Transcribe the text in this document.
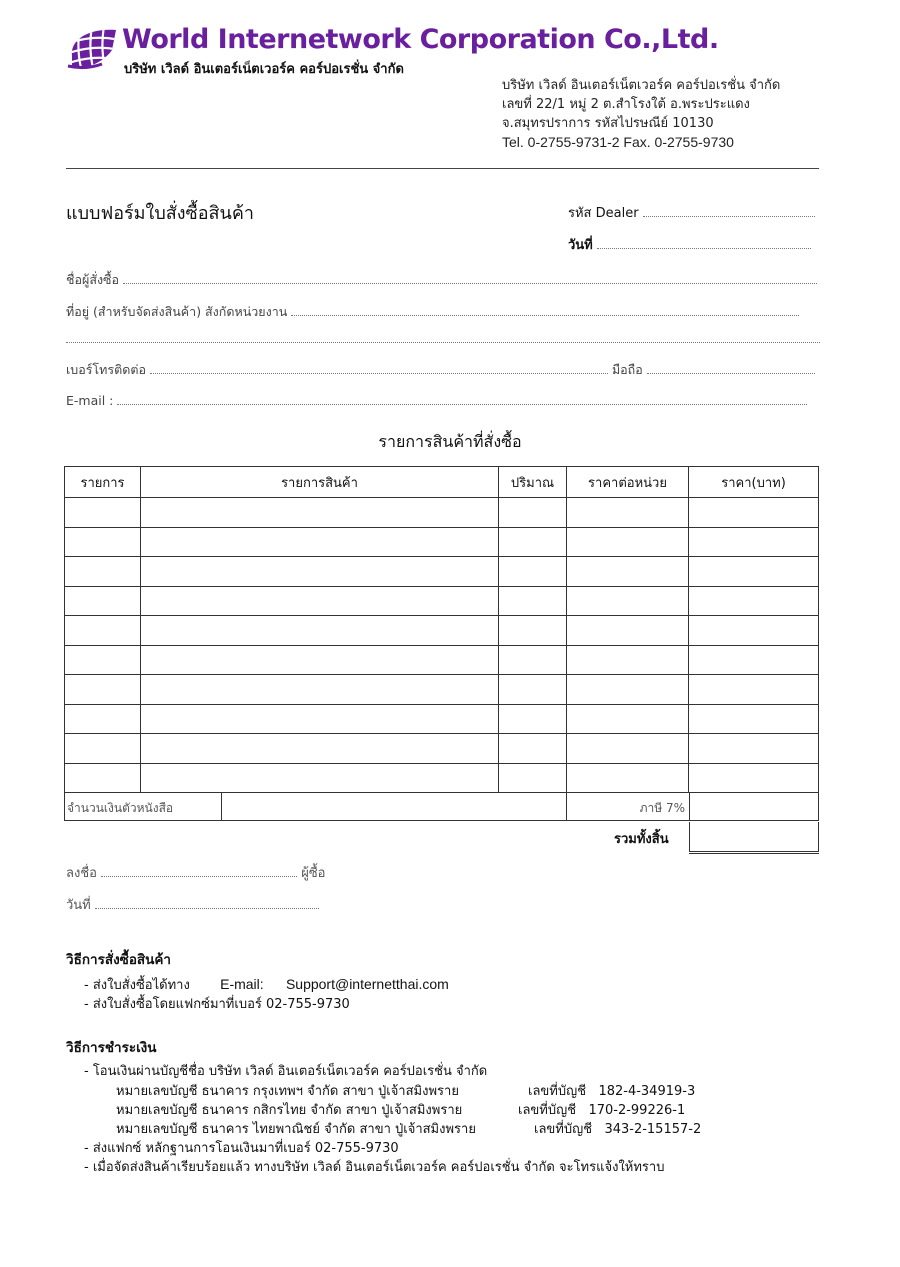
World Internetwork Corporation Co.,Ltd.
บริษัท เวิลด์ อินเตอร์เน็ตเวอร์ค คอร์ปอเรชั่น จำกัด
บริษัท เวิลด์ อินเตอร์เน็ตเวอร์ค คอร์ปอเรชั่น จำกัด
เลขที่ 22/1 หมู่ 2 ต.สำโรงใต้ อ.พระประแดง
จ.สมุทรปราการ รหัสไปรษณีย์ 10130
Tel. 0-2755-9731-2 Fax. 0-2755-9730
แบบฟอร์มใบสั่งซื้อสินค้า	รหัส Dealer
วันที่
ชื่อผู้สั่งซื้อ
ที่อยู่ (สำหรับจัดส่งสินค้า) สังกัดหน่วยงาน
เบอร์โทรติดต่อ	มือถือ
E-mail :
รายการสินค้าที่สั่งซื้อ
รายการ	รายการสินค้า	ปริมาณ	ราคาต่อหน่วย	ราคา(บาท)

จำนวนเงินตัวหนังสือ	ภาษี 7%
รวมทั้งสิ้น
ลงชื่อ	ผู้ซื้อ
วันที่
วิธีการสั่งซื้อสินค้า
- ส่งใบสั่งซื้อได้ทาง E-mail: Support@internetthai.com
- ส่งใบสั่งซื้อโดยแฟกซ์มาที่เบอร์ 02-755-9730
วิธีการชำระเงิน
- โอนเงินผ่านบัญชีชื่อ บริษัท เวิลด์ อินเตอร์เน็ตเวอร์ค คอร์ปอเรชั่น จำกัด
หมายเลขบัญชี ธนาคาร กรุงเทพฯ จำกัด สาขา ปู่เจ้าสมิงพราย	เลขที่บัญชี 182-4-34919-3
หมายเลขบัญชี ธนาคาร กสิกรไทย จำกัด สาขา ปู่เจ้าสมิงพราย	เลขที่บัญชี 170-2-99226-1
หมายเลขบัญชี ธนาคาร ไทยพาณิชย์ จำกัด สาขา ปู่เจ้าสมิงพราย	เลขที่บัญชี 343-2-15157-2
- ส่งแฟกซ์ หลักฐานการโอนเงินมาที่เบอร์ 02-755-9730
- เมื่อจัดส่งสินค้าเรียบร้อยแล้ว ทางบริษัท เวิลด์ อินเตอร์เน็ตเวอร์ค คอร์ปอเรชั่น จำกัด จะโทรแจ้งให้ทราบ
